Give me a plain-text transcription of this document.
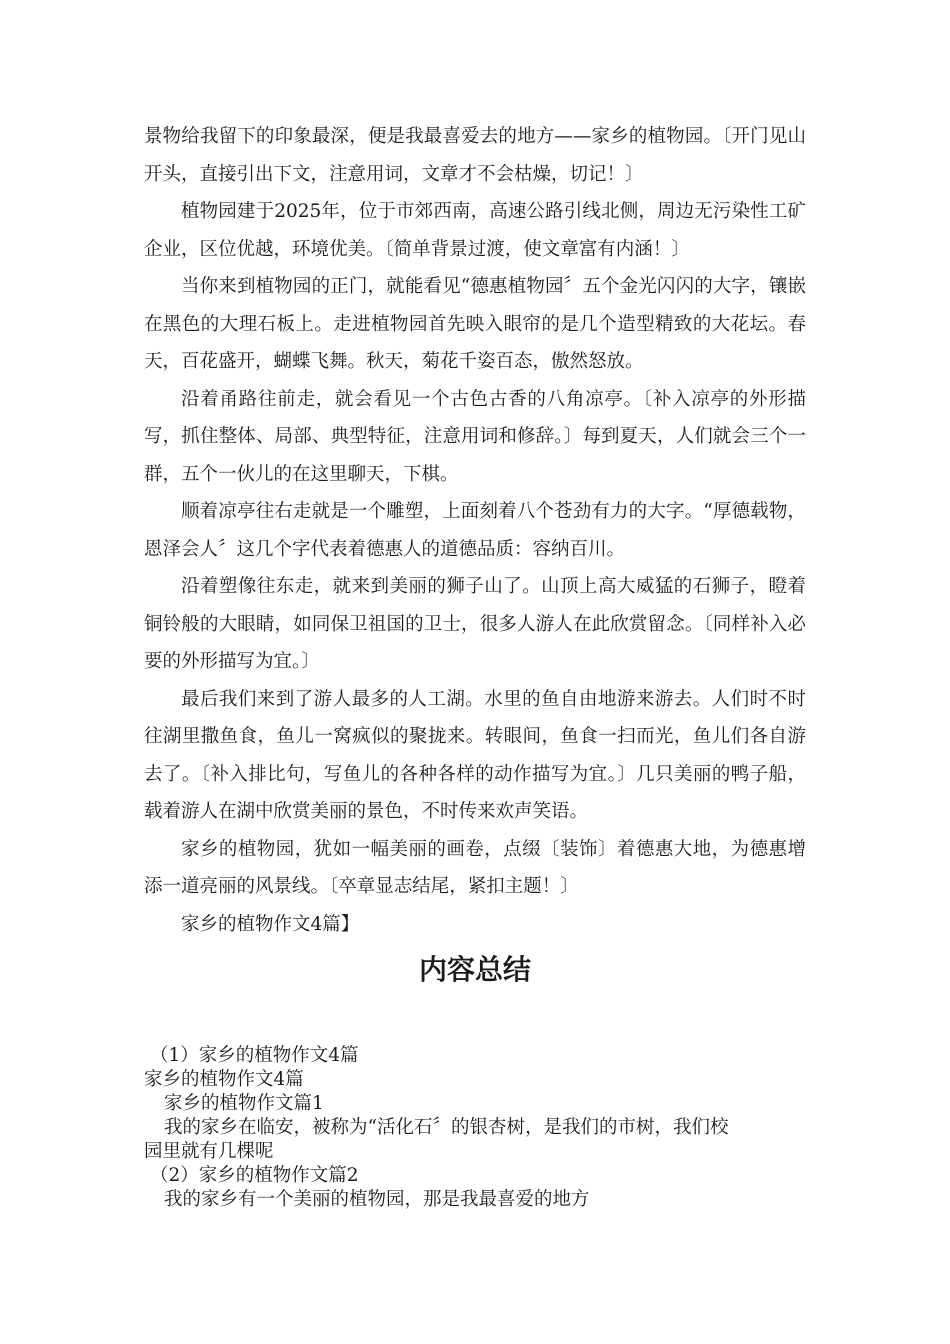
景物给我留下的印象最深，便是我最喜爱去的地方——家乡的植物园。〔开门见山开头，直接引出下文，注意用词，文章才不会枯燥，切记！〕

植物园建于2025年，位于市郊西南，高速公路引线北侧，周边无污染性工矿企业，区位优越，环境优美。〔简单背景过渡，使文章富有内涵！〕

当你来到植物园的正门，就能看见“德惠植物园〞五个金光闪闪的大字，镶嵌在黑色的大理石板上。走进植物园首先映入眼帘的是几个造型精致的大花坛。春天，百花盛开，蝴蝶飞舞。秋天，菊花千姿百态，傲然怒放。

沿着甬路往前走，就会看见一个古色古香的八角凉亭。〔补入凉亭的外形描写，抓住整体、局部、典型特征，注意用词和修辞。〕每到夏天，人们就会三个一群，五个一伙儿的在这里聊天，下棋。

顺着凉亭往右走就是一个雕塑，上面刻着八个苍劲有力的大字。“厚德载物，恩泽会人〞这几个字代表着德惠人的道德品质：容纳百川。

沿着塑像往东走，就来到美丽的狮子山了。山顶上高大威猛的石狮子，瞪着铜铃般的大眼睛，如同保卫祖国的卫士，很多人游人在此欣赏留念。〔同样补入必要的外形描写为宜。〕

最后我们来到了游人最多的人工湖。水里的鱼自由地游来游去。人们时不时往湖里撒鱼食，鱼儿一窝疯似的聚拢来。转眼间，鱼食一扫而光，鱼儿们各自游去了。〔补入排比句，写鱼儿的各种各样的动作描写为宜。〕几只美丽的鸭子船，载着游人在湖中欣赏美丽的景色，不时传来欢声笑语。

家乡的植物园，犹如一幅美丽的画卷，点缀〔装饰〕着德惠大地，为德惠增添一道亮丽的风景线。〔卒章显志结尾，紧扣主题！〕

家乡的植物作文4篇】

内容总结

（1）家乡的植物作文4篇

家乡的植物作文4篇

家乡的植物作文篇1

我的家乡在临安，被称为“活化石〞的银杏树，是我们的市树，我们校

园里就有几棵呢

（2）家乡的植物作文篇2

我的家乡有一个美丽的植物园，那是我最喜爱的地方
